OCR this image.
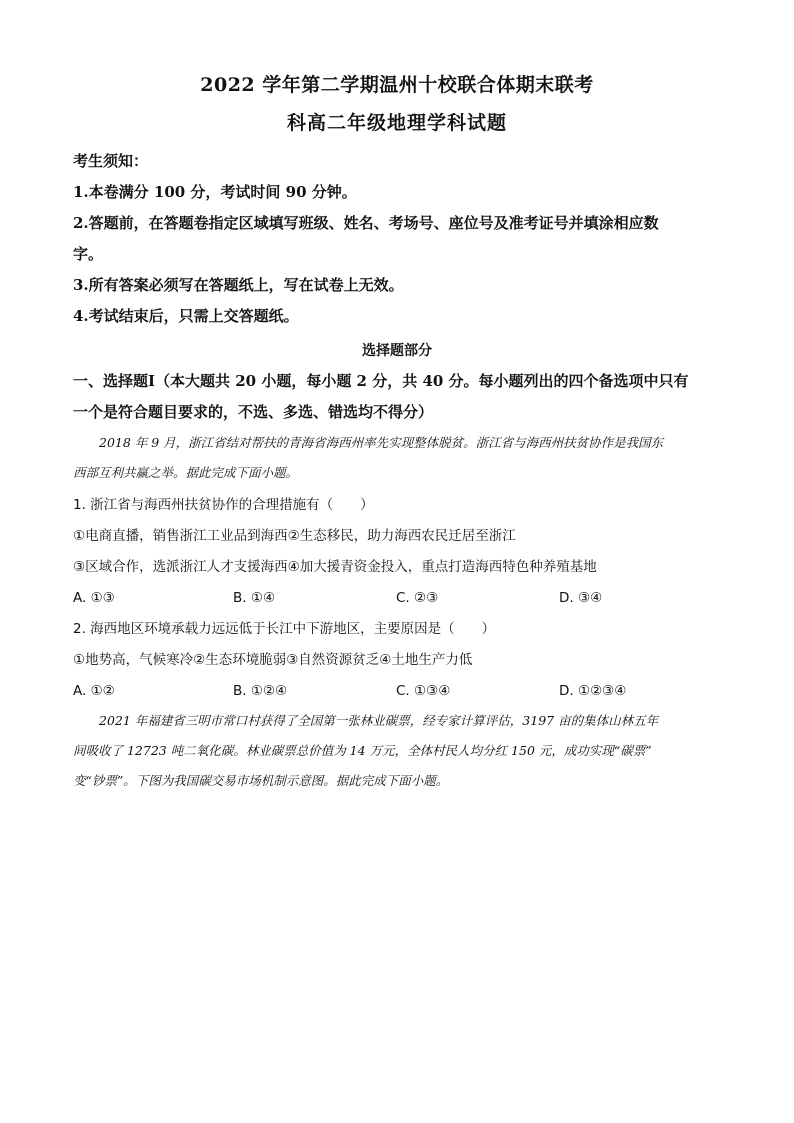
2022 学年第二学期温州十校联合体期末联考
科高二年级地理学科试题
考生须知：
1.本卷满分 100 分，考试时间 90 分钟。
2.答题前，在答题卷指定区域填写班级、姓名、考场号、座位号及准考证号并填涂相应数
字。
3.所有答案必须写在答题纸上，写在试卷上无效。
4.考试结束后，只需上交答题纸。
选择题部分
一、选择题Ⅰ（本大题共 20 小题，每小题 2 分，共 40 分。每小题列出的四个备选项中只有
一个是符合题目要求的，不选、多选、错选均不得分）
2018 年 9 月，浙江省结对帮扶的青海省海西州率先实现整体脱贫。浙江省与海西州扶贫协作是我国东
西部互利共赢之举。据此完成下面小题。
1. 浙江省与海西州扶贫协作的合理措施有（　　）
①电商直播，销售浙江工业品到海西②生态移民，助力海西农民迁居至浙江
③区域合作，选派浙江人才支援海西④加大援青资金投入，重点打造海西特色种养殖基地
A. ①③	B. ①④	C. ②③	D. ③④
2. 海西地区环境承载力远远低于长江中下游地区，主要原因是（　　）
①地势高，气候寒冷②生态环境脆弱③自然资源贫乏④土地生产力低
A. ①②	B. ①②④	C. ①③④	D. ①②③④
2021 年福建省三明市常口村获得了全国第一张林业碳票，经专家计算评估，3197 亩的集体山林五年
间吸收了 12723 吨二氧化碳。林业碳票总价值为 14 万元，全体村民人均分红 150 元，成功实现“碳票”
变“钞票”。下图为我国碳交易市场机制示意图。据此完成下面小题。
